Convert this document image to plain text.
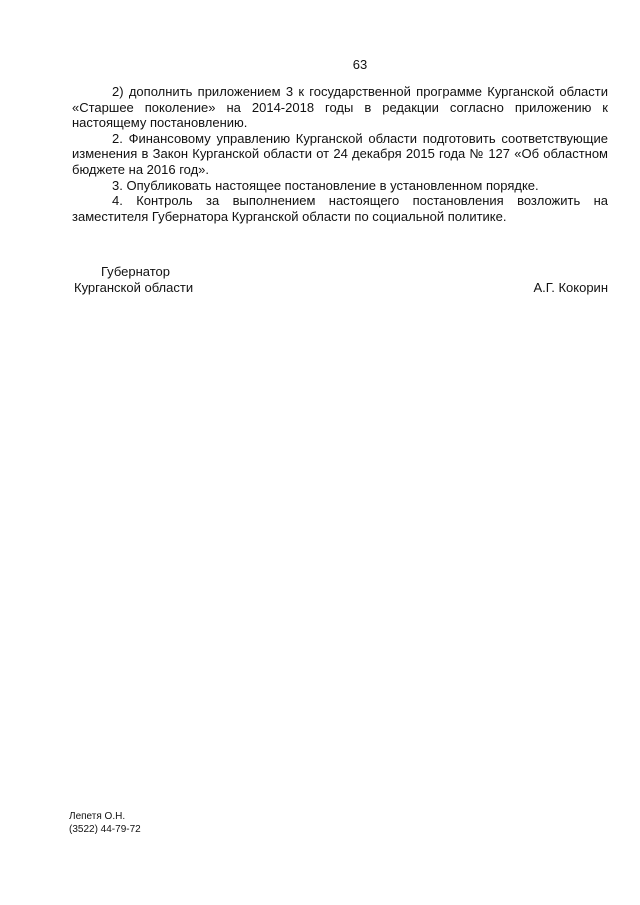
63

2) дополнить приложением 3 к государственной программе Курганской области «Старшее поколение» на 2014-2018 годы в редакции согласно приложению к настоящему постановлению.

2. Финансовому управлению Курганской области подготовить соответствующие изменения в Закон Курганской области от 24 декабря 2015 года № 127 «Об областном бюджете на 2016 год».

3. Опубликовать настоящее постановление в установленном порядке.

4. Контроль за выполнением настоящего постановления возложить на заместителя Губернатора Курганской области по социальной политике.

Губернатор
Курганской области	А.Г. Кокорин
Лепетя О.Н.
(3522) 44-79-72
